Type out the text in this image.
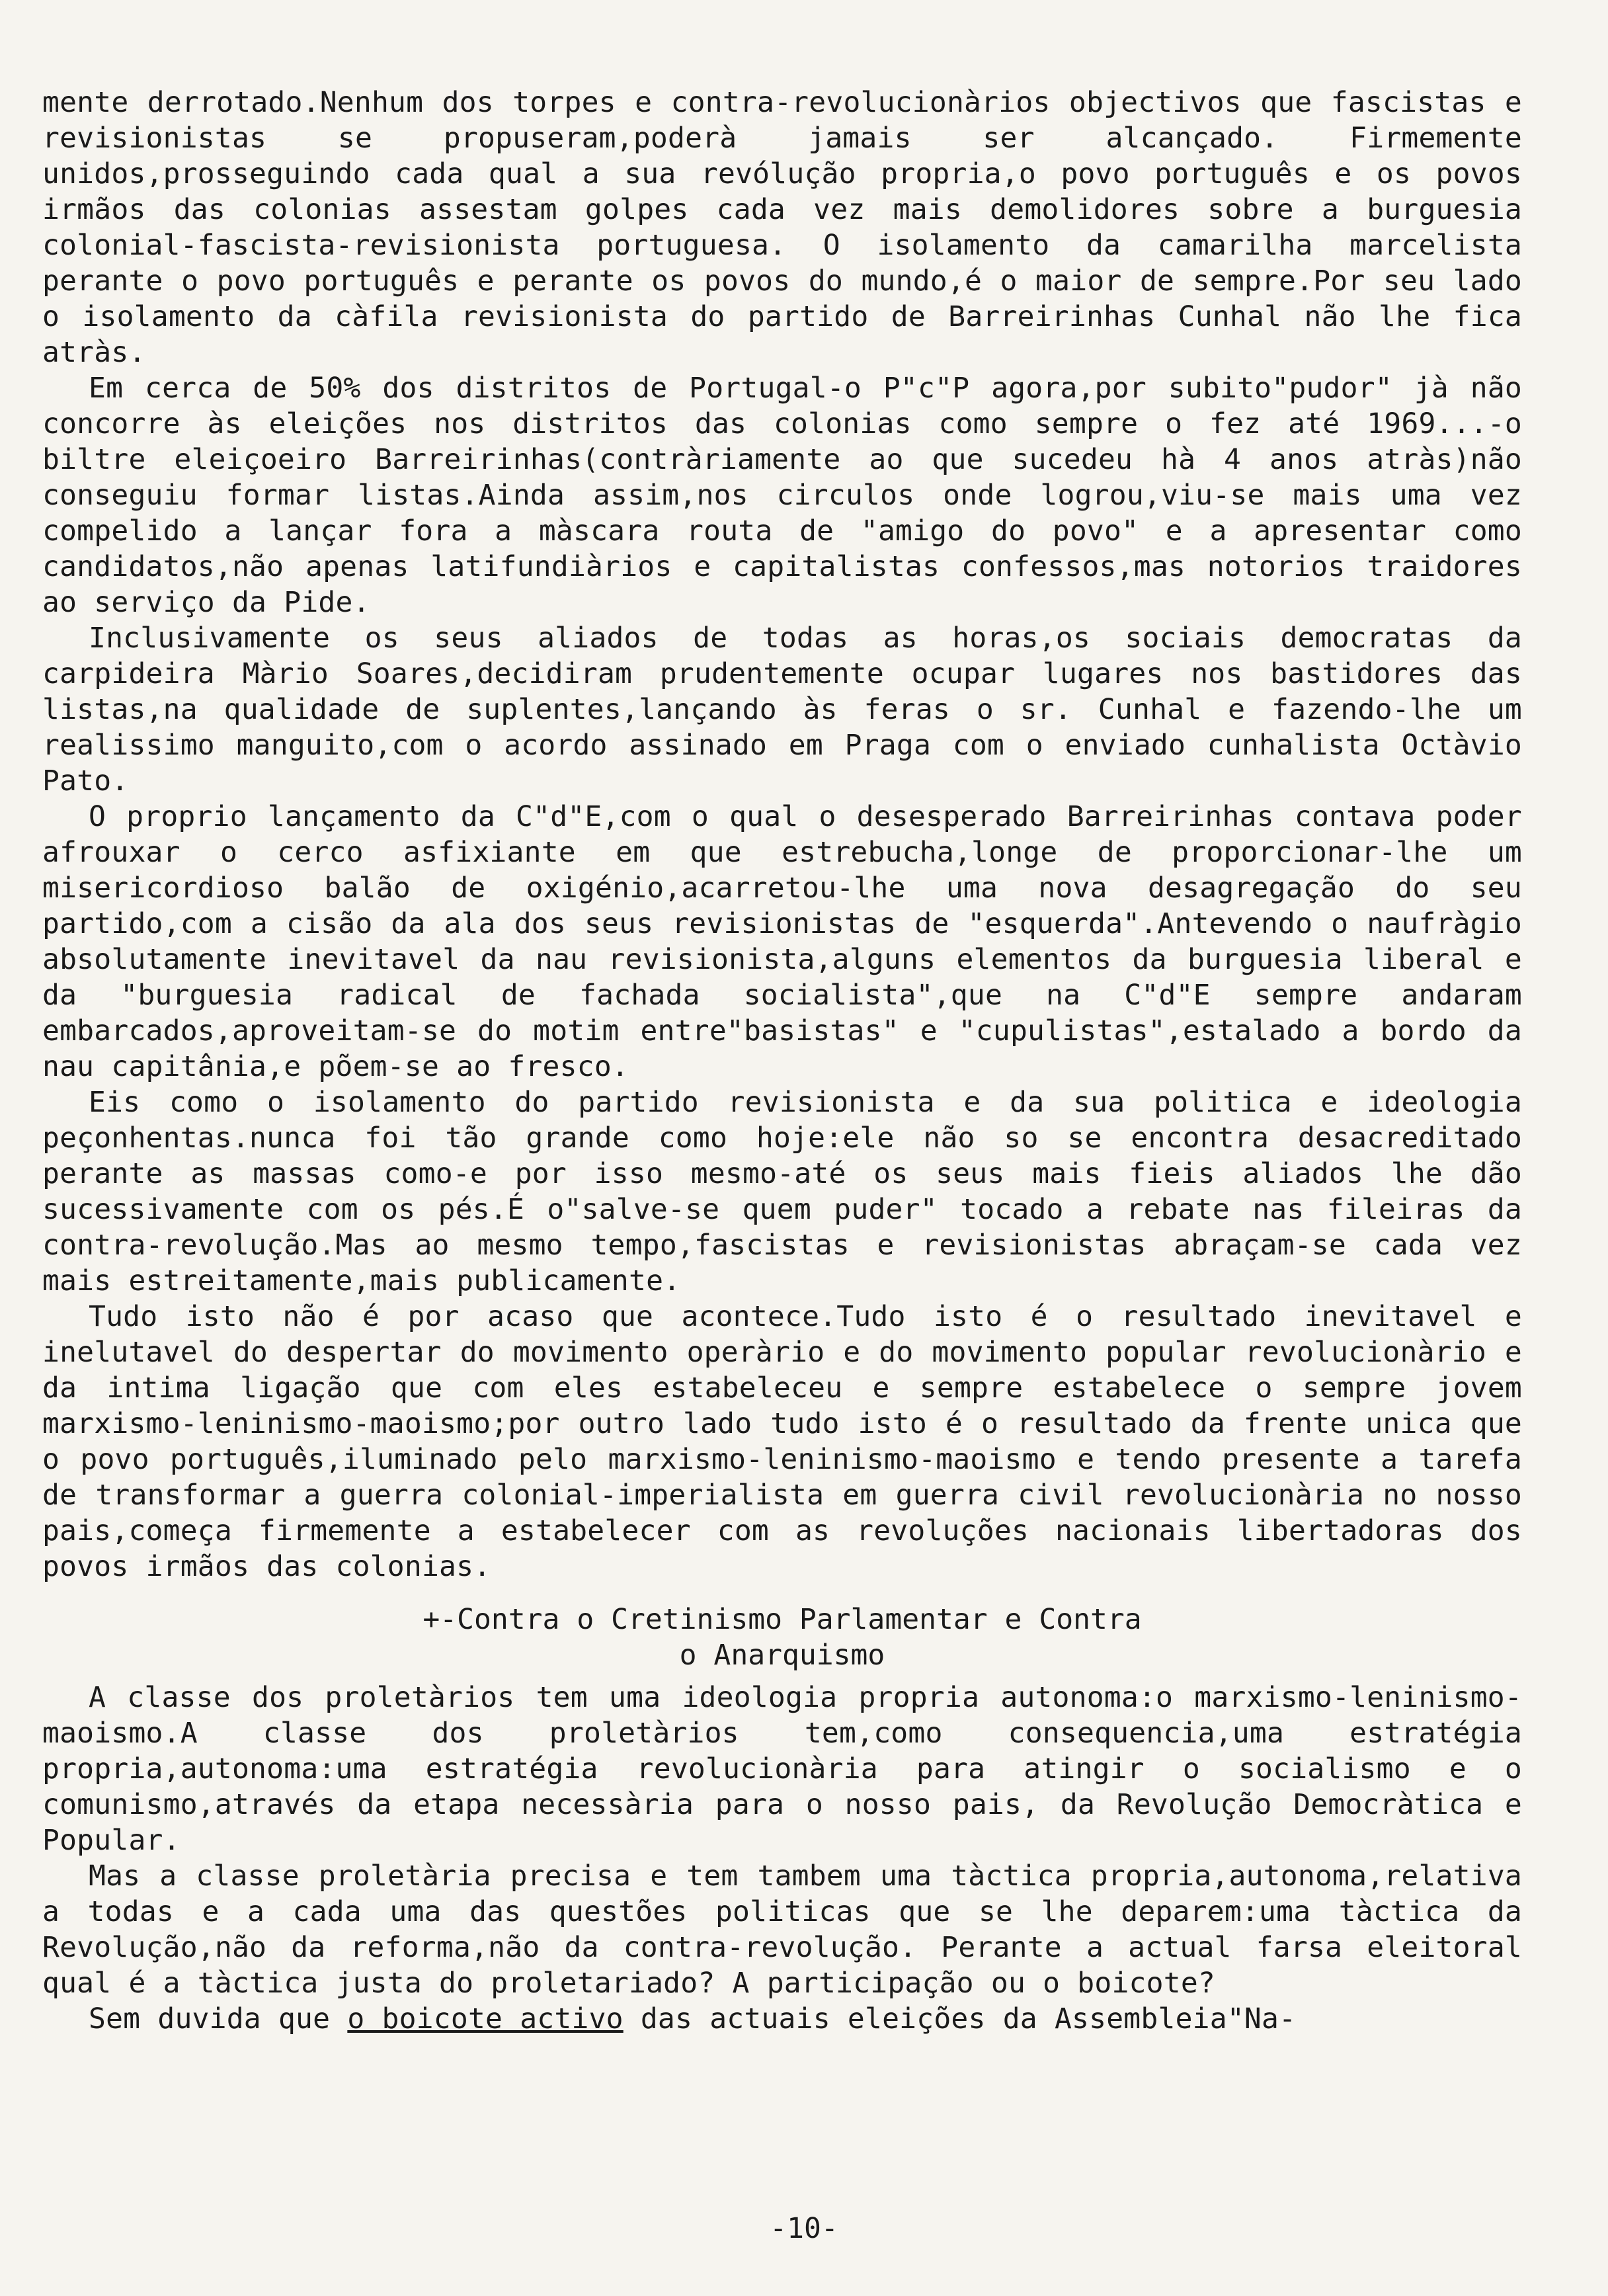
mente derrotado.Nenhum dos torpes e contra-revolucionàrios objectivos que fascistas e revisionistas se propuseram,poderà jamais ser alcançado. Firmemente unidos,prosseguindo cada qual a sua revólução propria,o povo português e os povos irmãos das colonias assestam golpes cada vez mais demolidores sobre a burguesia colonial-fascista-revisionista portuguesa. O isolamento da camarilha marcelista perante o povo português e perante os povos do mundo,é o maior de sempre.Por seu lado o isolamento da càfila revisionista do partido de Barreirinhas Cunhal não lhe fica atràs.

Em cerca de 50% dos distritos de Portugal-o P"c"P agora,por subito"pudor" jà não concorre às eleições nos distritos das colonias como sempre o fez até 1969...-o biltre eleiçoeiro Barreirinhas(contràriamente ao que sucedeu hà 4 anos atràs)não conseguiu formar listas.Ainda assim,nos circulos onde logrou,viu-se mais uma vez compelido a lançar fora a màscara routa de "amigo do povo" e a apresentar como candidatos,não apenas latifundiàrios e capitalistas confessos,mas notorios traidores ao serviço da Pide.

Inclusivamente os seus aliados de todas as horas,os sociais democratas da carpideira Màrio Soares,decidiram prudentemente ocupar lugares nos bastidores das listas,na qualidade de suplentes,lançando às feras o sr. Cunhal e fazendo-lhe um realissimo manguito,com o acordo assinado em Praga com o enviado cunhalista Octàvio Pato.

O proprio lançamento da C"d"E,com o qual o desesperado Barreirinhas contava poder afrouxar o cerco asfixiante em que estrebucha,longe de proporcionar-lhe um misericordioso balão de oxigénio,acarretou-lhe uma nova desagregação do seu partido,com a cisão da ala dos seus revisionistas de "esquerda".Antevendo o naufràgio absolutamente inevitavel da nau revisionista,alguns elementos da burguesia liberal e da "burguesia radical de fachada socialista",que na C"d"E sempre andaram embarcados,aproveitam-se do motim entre"basistas" e "cupulistas",estalado a bordo da nau capitânia,e põem-se ao fresco.

Eis como o isolamento do partido revisionista e da sua politica e ideologia peçonhentas.nunca foi tão grande como hoje:ele não so se encontra desacreditado perante as massas como-e por isso mesmo-até os seus mais fieis aliados lhe dão sucessivamente com os pés.É o"salve-se quem puder" tocado a rebate nas fileiras da contra-revolução.Mas ao mesmo tempo,fascistas e revisionistas abraçam-se cada vez mais estreitamente,mais publicamente.

Tudo isto não é por acaso que acontece.Tudo isto é o resultado inevitavel e inelutavel do despertar do movimento operàrio e do movimento popular revolucionàrio e da intima ligação que com eles estabeleceu e sempre estabelece o sempre jovem marxismo-leninismo-maoismo;por outro lado tudo isto é o resultado da frente unica que o povo português,iluminado pelo marxismo-leninismo-maoismo e tendo presente a tarefa de transformar a guerra colonial-imperialista em guerra civil revolucionària no nosso pais,começa firmemente a estabelecer com as revoluções nacionais libertadoras dos povos irmãos das colonias.

+-Contra o Cretinismo Parlamentar e Contra
o Anarquismo

A classe dos proletàrios tem uma ideologia propria autonoma:o marxismo-leninismo-maoismo.A classe dos proletàrios tem,como consequencia,uma estratégia propria,autonoma:uma estratégia revolucionària para atingir o socialismo e o comunismo,através da etapa necessària para o nosso pais, da Revolução Democràtica e Popular.

Mas a classe proletària precisa e tem tambem uma tàctica propria,autonoma,relativa a todas e a cada uma das questões politicas que se lhe deparem:uma tàctica da Revolução,não da reforma,não da contra-revolução. Perante a actual farsa eleitoral qual é a tàctica justa do proletariado? A participação ou o boicote?

Sem duvida que o boicote activo das actuais eleições da Assembleia"Na-

-10-
